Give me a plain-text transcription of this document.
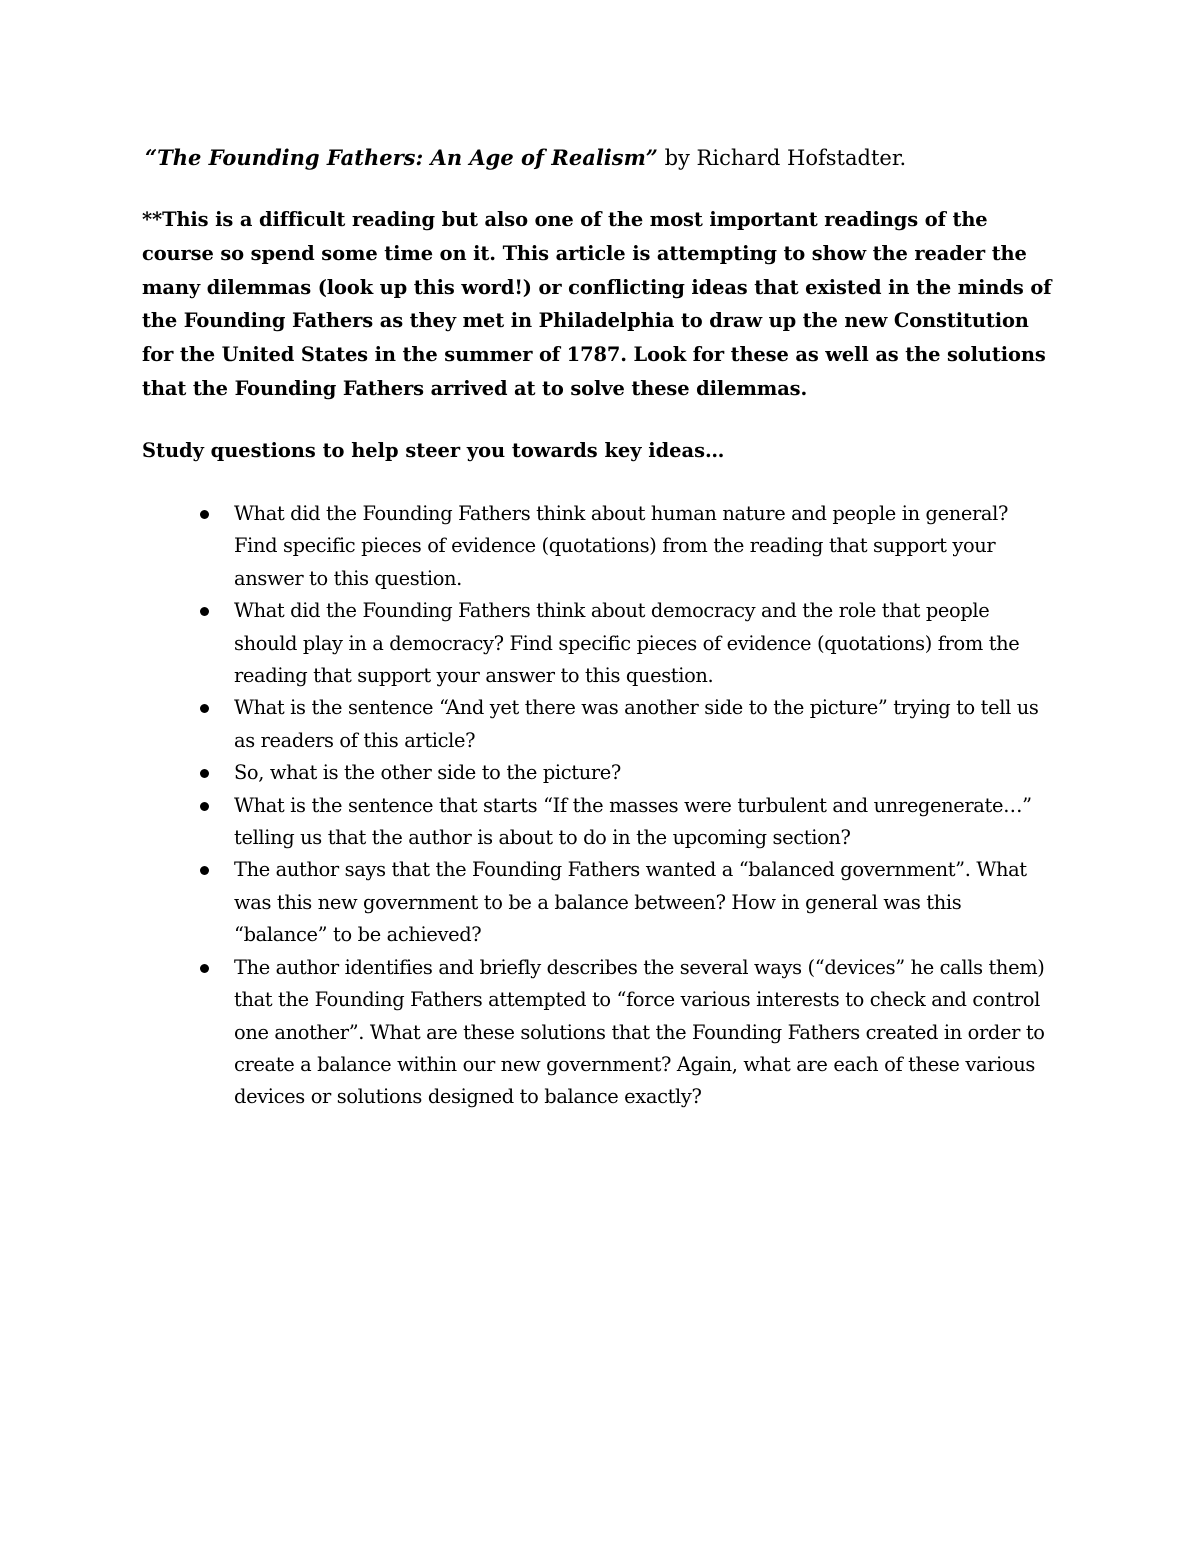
“The Founding Fathers: An Age of Realism” by Richard Hofstadter.
**This is a difficult reading but also one of the most important readings of the course so spend some time on it. This article is attempting to show the reader the many dilemmas (look up this word!) or conflicting ideas that existed in the minds of the Founding Fathers as they met in Philadelphia to draw up the new Constitution for the United States in the summer of 1787. Look for these as well as the solutions that the Founding Fathers arrived at to solve these dilemmas.
Study questions to help steer you towards key ideas…
What did the Founding Fathers think about human nature and people in general? Find specific pieces of evidence (quotations) from the reading that support your answer to this question.
What did the Founding Fathers think about democracy and the role that people should play in a democracy? Find specific pieces of evidence (quotations) from the reading that support your answer to this question.
What is the sentence “And yet there was another side to the picture” trying to tell us as readers of this article?
So, what is the other side to the picture?
What is the sentence that starts “If the masses were turbulent and unregenerate…” telling us that the author is about to do in the upcoming section?
The author says that the Founding Fathers wanted a “balanced government”. What was this new government to be a balance between? How in general was this “balance” to be achieved?
The author identifies and briefly describes the several ways (“devices” he calls them) that the Founding Fathers attempted to “force various interests to check and control one another”. What are these solutions that the Founding Fathers created in order to create a balance within our new government? Again, what are each of these various devices or solutions designed to balance exactly?
